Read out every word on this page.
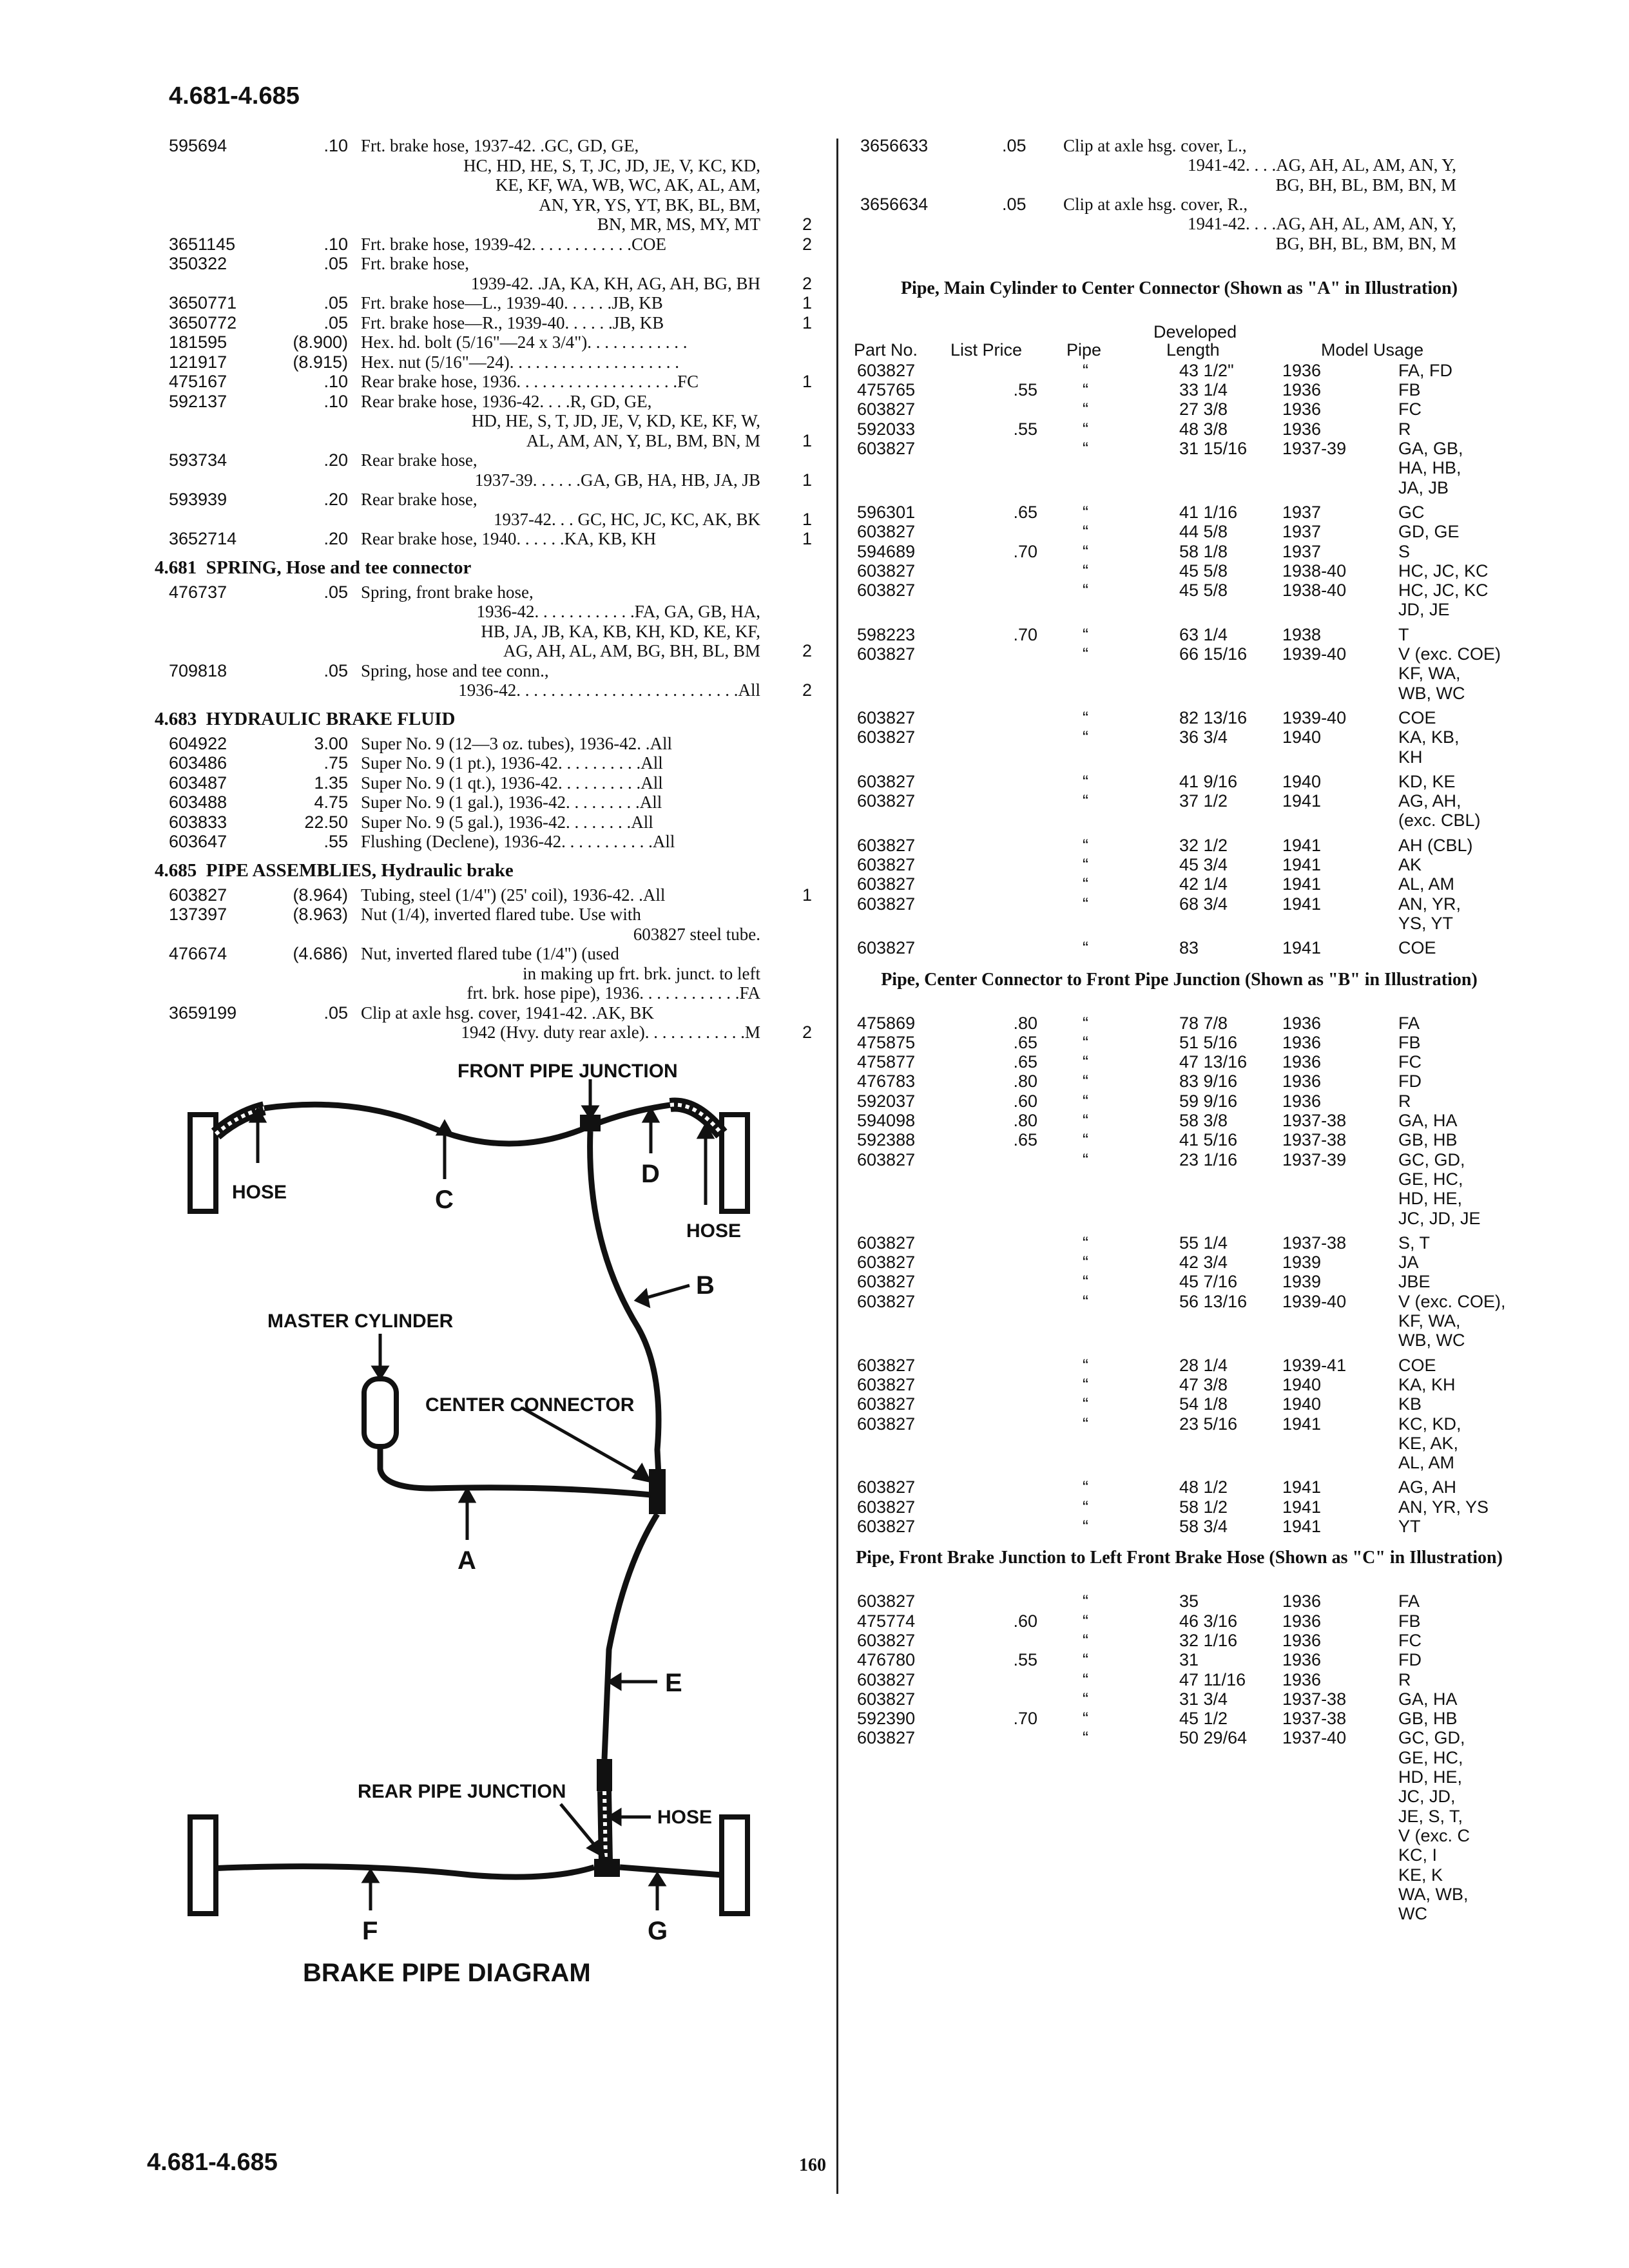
4.681-4.685
595694	.10 Frt. brake hose, 1937-42. .GC, GD, GE,
HC, HD, HE, S, T, JC, JD, JE, V, KC, KD,
KE, KF, WA, WB, WC, AK, AL, AM,
AN, YR, YS, YT, BK, BL, BM,
BN, MR, MS, MY, MT 2
3651145	.10 Frt. brake hose, 1939-42. . . . . . . . . . . .COE	2
350322	.05 Frt. brake hose,
1939-42. .JA, KA, KH, AG, AH, BG, BH 2
3650771	.05 Frt. brake hose—L., 1939-40. . . . . .JB, KB	1
3650772	.05 Frt. brake hose—R., 1939-40. . . . . .JB, KB	1
181595	(8.900) Hex. hd. bolt (5/16"—24 x 3/4"). . . . . . . . . . . .
121917	(8.915) Hex. nut (5/16"—24). . . . . . . . . . . . . . . . . . . .
475167	.10 Rear brake hose, 1936. . . . . . . . . . . . . . . . . . .FC	1
592137	.10 Rear brake hose, 1936-42. . . .R, GD, GE,
HD, HE, S, T, JD, JE, V, KD, KE, KF, W,
AL, AM, AN, Y, BL, BM, BN, M 1
593734	.20 Rear brake hose,
1937-39. . . . . .GA, GB, HA, HB, JA, JB 1
593939	.20 Rear brake hose,
1937-42. . . GC, HC, JC, KC, AK, BK 1
3652714	.20 Rear brake hose, 1940. . . . . .KA, KB, KH	1
4.681  SPRING, Hose and tee connector
476737	.05 Spring, front brake hose,
1936-42. . . . . . . . . . . .FA, GA, GB, HA,
HB, JA, JB, KA, KB, KH, KD, KE, KF,
AG, AH, AL, AM, BG, BH, BL, BM 2
709818	.05 Spring, hose and tee conn.,
1936-42. . . . . . . . . . . . . . . . . . . . . . . . . .All 2
4.683  HYDRAULIC BRAKE FLUID
604922	3.00 Super No. 9 (12—3 oz. tubes), 1936-42. .All
603486	.75 Super No. 9 (1 pt.), 1936-42. . . . . . . . . .All
603487	1.35 Super No. 9 (1 qt.), 1936-42. . . . . . . . . .All
603488	4.75 Super No. 9 (1 gal.), 1936-42. . . . . . . . .All
603833	22.50 Super No. 9 (5 gal.), 1936-42. . . . . . . .All
603647	.55 Flushing (Declene), 1936-42. . . . . . . . . . .All
4.685  PIPE ASSEMBLIES, Hydraulic brake
603827	(8.964) Tubing, steel (1/4") (25' coil), 1936-42. .All	1
137397	(8.963) Nut (1/4), inverted flared tube. Use with
603827 steel tube.
476674	(4.686) Nut, inverted flared tube (1/4") (used
in making up frt. brk. junct. to left
frt. brk. hose pipe), 1936. . . . . . . . . . . .FA
3659199	.05 Clip at axle hsg. cover, 1941-42. .AK, BK
1942 (Hvy. duty rear axle). . . . . . . . . . . .M 2
FRONT PIPE JUNCTION
HOSE
HOSE
MASTER CYLINDER
CENTER CONNECTOR
REAR PIPE JUNCTION
HOSE
C
D
B
A
E
F	G
BRAKE PIPE DIAGRAM
4.681-4.685	160
3656633	.05 Clip at axle hsg. cover, L.,
1941-42. . . .AG, AH, AL, AM, AN, Y,
BG, BH, BL, BM, BN, M
3656634	.05 Clip at axle hsg. cover, R.,
1941-42. . . .AG, AH, AL, AM, AN, Y,
BG, BH, BL, BM, BN, M
Pipe, Main Cylinder to Center Connector (Shown as "A" in Illustration)
Developed
Part No. List Price	Pipe	Length	Model Usage
603827	“	43 1/2"	1936	FA, FD
475765	.55	“	33 1/4	1936	FB
603827	“	27 3/8	1936	FC
592033	.55	“	48 3/8	1936	R
603827	“	31 15/16 1937-39	GA, GB,
HA, HB,
JA, JB
596301	.65	“	41 1/16	1937	GC
603827	“	44 5/8	1937	GD, GE
594689	.70	“	58 1/8	1937	S
603827	“	45 5/8	1938-40	HC, JC, KC
603827	“	45 5/8	1938-40	HC, JC, KC
JD, JE
598223	.70	“	63 1/4	1938	T
603827	“	66 15/16 1939-40	V (exc. COE)
KF, WA,
WB, WC
603827	“	82 13/16 1939-40	COE
603827	“	36 3/4	1940	KA, KB,
KH
603827	“	41 9/16	1940	KD, KE
603827	“	37 1/2	1941	AG, AH,
(exc. CBL)
603827	“	32 1/2	1941	AH (CBL)
603827	“	45 3/4	1941	AK
603827	“	42 1/4	1941	AL, AM
603827	“	68 3/4	1941	AN, YR,
YS, YT
603827	“	83	1941	COE
Pipe, Center Connector to Front Pipe Junction (Shown as "B" in Illustration)
475869	.80	“	78 7/8	1936	FA
475875	.65	“	51 5/16	1936	FB
475877	.65	“	47 13/16 1936	FC
476783	.80	“	83 9/16	1936	FD
592037	.60	“	59 9/16	1936	R
594098	.80	“	58 3/8	1937-38	GA, HA
592388	.65	“	41 5/16	1937-38	GB, HB
603827	“	23 1/16	1937-39	GC, GD,
GE, HC,
HD, HE,
JC, JD, JE
603827	“	55 1/4	1937-38	S, T
603827	“	42 3/4	1939	JA
603827	“	45 7/16	1939	JBE
603827	“	56 13/16 1939-40	V (exc. COE),
KF, WA,
WB, WC
603827	“	28 1/4	1939-41	COE
603827	“	47 3/8	1940	KA, KH
603827	“	54 1/8	1940	KB
603827	“	23 5/16	1941	KC, KD,
KE, AK,
AL, AM
603827	“	48 1/2	1941	AG, AH
603827	“	58 1/2	1941	AN, YR, YS
603827	“	58 3/4	1941	YT
Pipe, Front Brake Junction to Left Front Brake Hose (Shown as "C" in Illustration)
603827	“	35	1936	FA
475774	.60	“	46 3/16	1936	FB
603827	“	32 1/16	1936	FC
476780	.55	“	31	1936	FD
603827	“	47 11/16 1936	R
603827	“	31 3/4	1937-38	GA, HA
592390	.70	“	45 1/2	1937-38	GB, HB
603827	“	50 29/64 1937-40	GC, GD,
GE, HC,
HD, HE,
JC, JD,
JE, S, T,
V (exc. C
KC, I
KE, K
WA, WB,
WC
